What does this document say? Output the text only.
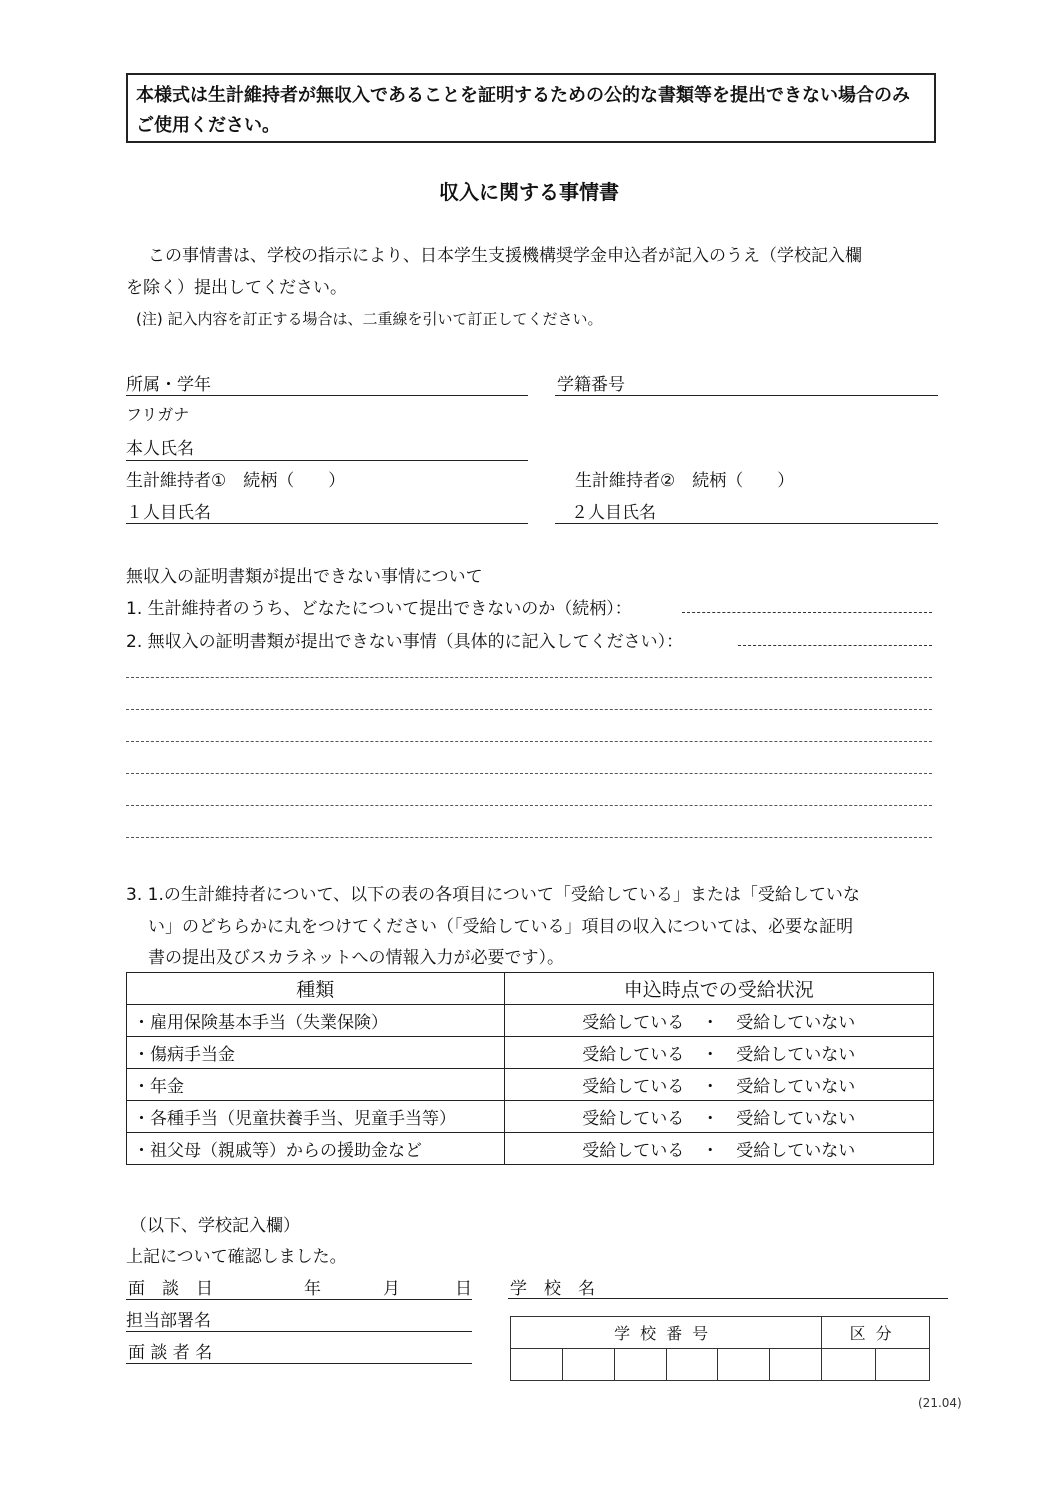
本様式は生計維持者が無収入であることを証明するための公的な書類等を提出できない場合のみご使用ください。
収入に関する事情書
この事情書は、学校の指示により、日本学生支援機構奨学金申込者が記入のうえ（学校記入欄
を除く）提出してください。
(注) 記入内容を訂正する場合は、二重線を引いて訂正してください。
所属・学年	学籍番号
フリガナ
本人氏名
生計維持者①　続柄（　　）
１人目氏名
生計維持者②　続柄（　　）
２人目氏名
無収入の証明書類が提出できない事情について
1. 生計維持者のうち、どなたについて提出できないのか（続柄）：
2. 無収入の証明書類が提出できない事情（具体的に記入してください）：
3. 1.の生計維持者について、以下の表の各項目について「受給している」または「受給していな
い」のどちらかに丸をつけてください（「受給している」項目の収入については、必要な証明
書の提出及びスカラネットへの情報入力が必要です）。
種類	申込時点での受給状況
・雇用保険基本手当（失業保険）	受給している ・ 受給していない
・傷病手当金	受給している ・ 受給していない
・年金	受給している ・ 受給していない
・各種手当（児童扶養手当、児童手当等）	受給している ・ 受給していない
・祖父母（親戚等）からの援助金など	受給している ・ 受給していない
（以下、学校記入欄）
上記について確認しました。
面　談　日	年	月	日 学　校　名
担当部署名
面 談 者 名
学校番号						区分	

(21.04)
